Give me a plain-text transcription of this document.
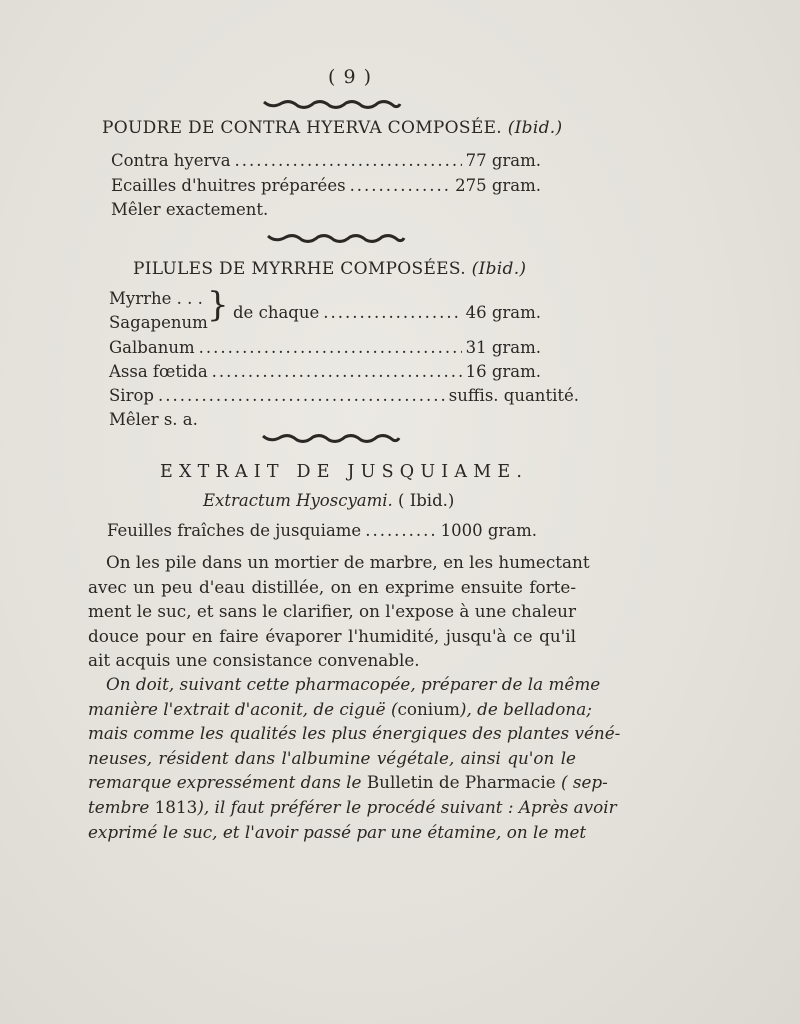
( 9 )
POUDRE DE CONTRA HYERVA COMPOSÉE. (Ibid.)
Contra hyerva .....	77 gram.
Ecailles d'huitres préparées .....	275 gram.
Mêler exactement.
PILULES DE MYRRHE COMPOSÉES. (Ibid.)
Myrrhe . . .
Sagapenum } de chaque .....	46 gram.
Galbanum .....	31 gram.
Assa fœtida .....	16 gram.
Sirop .....	suffis. quantité.
Mêler s. a.
EXTRAIT DE JUSQUIAME.
Extractum Hyoscyami. ( Ibid.)
Feuilles fraîches de jusquiame .....	1000 gram.
On les pile dans un mortier de marbre, en les humectant
avec un peu d'eau distillée, on en exprime ensuite forte-
ment le suc, et sans le clarifier, on l'expose à une chaleur
douce pour en faire évaporer l'humidité, jusqu'à ce qu'il
ait acquis une consistance convenable.
On doit, suivant cette pharmacopée, préparer de la même
manière l'extrait d'aconit, de ciguë (conium), de belladona;
mais comme les qualités les plus énergiques des plantes véné-
neuses, résident dans l'albumine végétale, ainsi qu'on le
remarque expressément dans le Bulletin de Pharmacie ( sep-
tembre 1813), il faut préférer le procédé suivant : Après avoir
exprimé le suc, et l'avoir passé par une étamine, on le met
